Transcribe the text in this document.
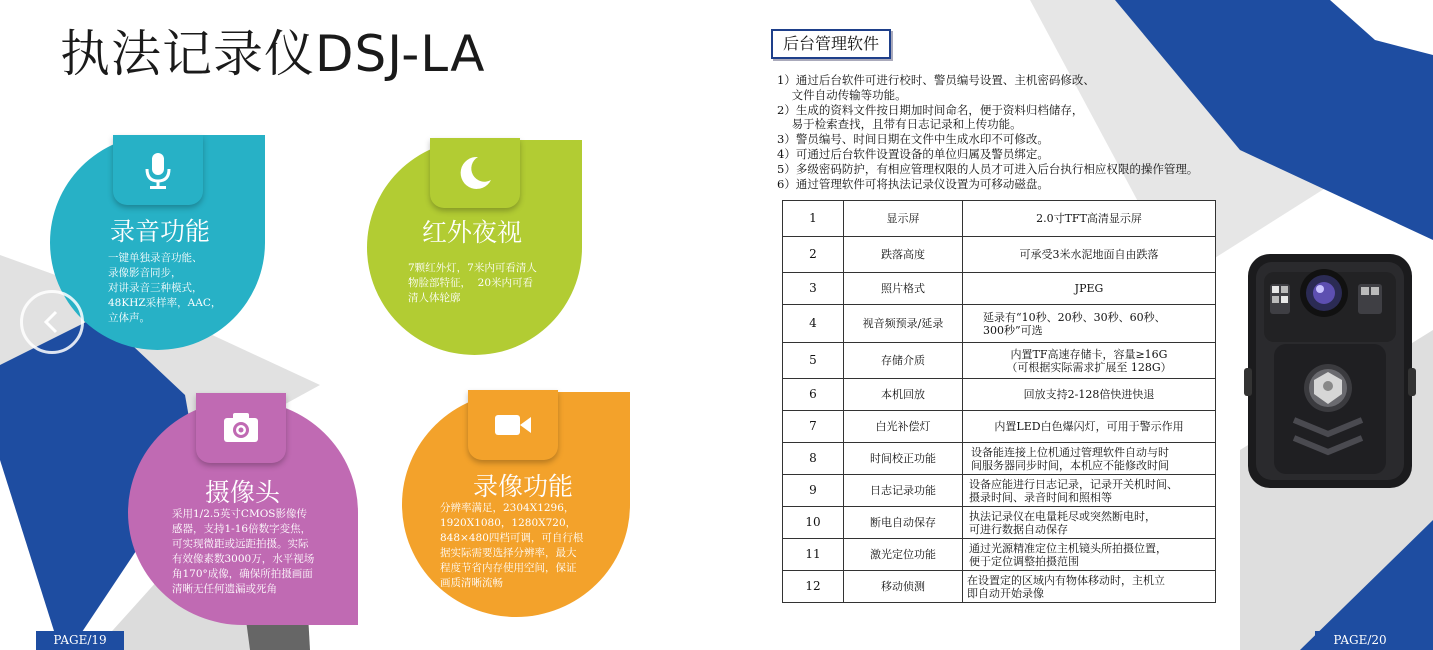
执法记录仪DSJ-LA
录音功能
一键单独录音功能、
录像影音同步，
对讲录音三种模式，
48KHZ采样率，AAC，
立体声。
红外夜视
7颗红外灯，7米内可看清人
物脸部特征，  20米内可看
清人体轮廓
摄像头
采用1/2.5英寸CMOS影像传
感器，支持1-16倍数字变焦，
可实现微距或远距拍摄。实际
有效像素数3000万，水平视场
角170°成像，确保所拍摄画面
清晰无任何遗漏或死角
录像功能
分辨率满足，2304X1296，
1920X1080，1280X720，
848×480四档可调，可自行根
据实际需要选择分辨率，最大
程度节省内存使用空间，保证
画质清晰流畅
PAGE/19	PAGE/20
后台管理软件
1）通过后台软件可进行校时、警员编号设置、主机密码修改、
文件自动传输等功能。
2）生成的资料文件按日期加时间命名，便于资料归档储存，
易于检索查找，且带有日志记录和上传功能。
3）警员编号、时间日期在文件中生成水印不可修改。
4）可通过后台软件设置设备的单位归属及警员绑定。
5）多级密码防护，有相应管理权限的人员才可进入后台执行相应权限的操作管理。
6）通过管理软件可将执法记录仪设置为可移动磁盘。
1	显示屏	2.0寸TFT高清显示屏
2	跌落高度	可承受3米水泥地面自由跌落
3	照片格式	JPEG
4	视音频预录/延录	延录有“10秒、20秒、30秒、60秒、
300秒”可选
5	存储介质	内置TF高速存储卡，容量≥16G
（可根据实际需求扩展至 128G）
6	本机回放	回放支持2-128倍快进快退
7	白光补偿灯	内置LED白色爆闪灯，可用于警示作用
8	时间校正功能	设备能连接上位机通过管理软件自动与时
间服务器同步时间，本机应不能修改时间
9	日志记录功能	设备应能进行日志记录，记录开关机时间、
摄录时间、录音时间和照相等
10	断电自动保存	执法记录仪在电量耗尽或突然断电时，
可进行数据自动保存
11	激光定位功能	通过光源精准定位主机镜头所拍摄位置，
便于定位调整拍摄范围
12	移动侦测	在设置定的区域内有物体移动时，主机立
即自动开始录像
